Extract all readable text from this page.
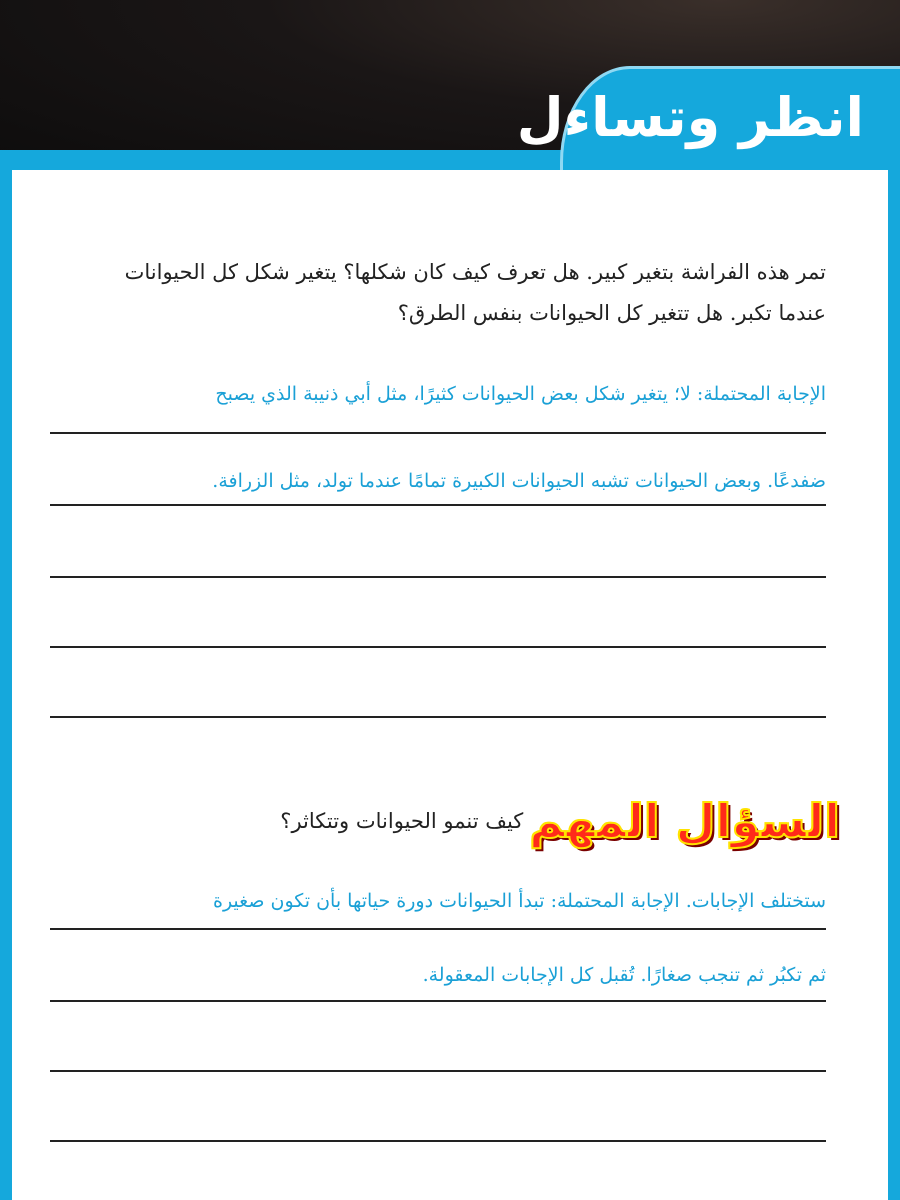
انظر وتساءل
تمر هذه الفراشة بتغير كبير. هل تعرف كيف كان شكلها؟ يتغير شكل كل الحيوانات
عندما تكبر. هل تتغير كل الحيوانات بنفس الطرق؟
الإجابة المحتملة: لا؛ يتغير شكل بعض الحيوانات كثيرًا، مثل أبي ذنيبة الذي يصبح
ضفدعًا. وبعض الحيوانات تشبه الحيوانات الكبيرة تمامًا عندما تولد، مثل الزرافة.
السؤال المهم
كيف تنمو الحيوانات وتتكاثر؟
ستختلف الإجابات. الإجابة المحتملة: تبدأ الحيوانات دورة حياتها بأن تكون صغيرة
ثم تكبُر ثم تنجب صغارًا. تُقبل كل الإجابات المعقولة.
